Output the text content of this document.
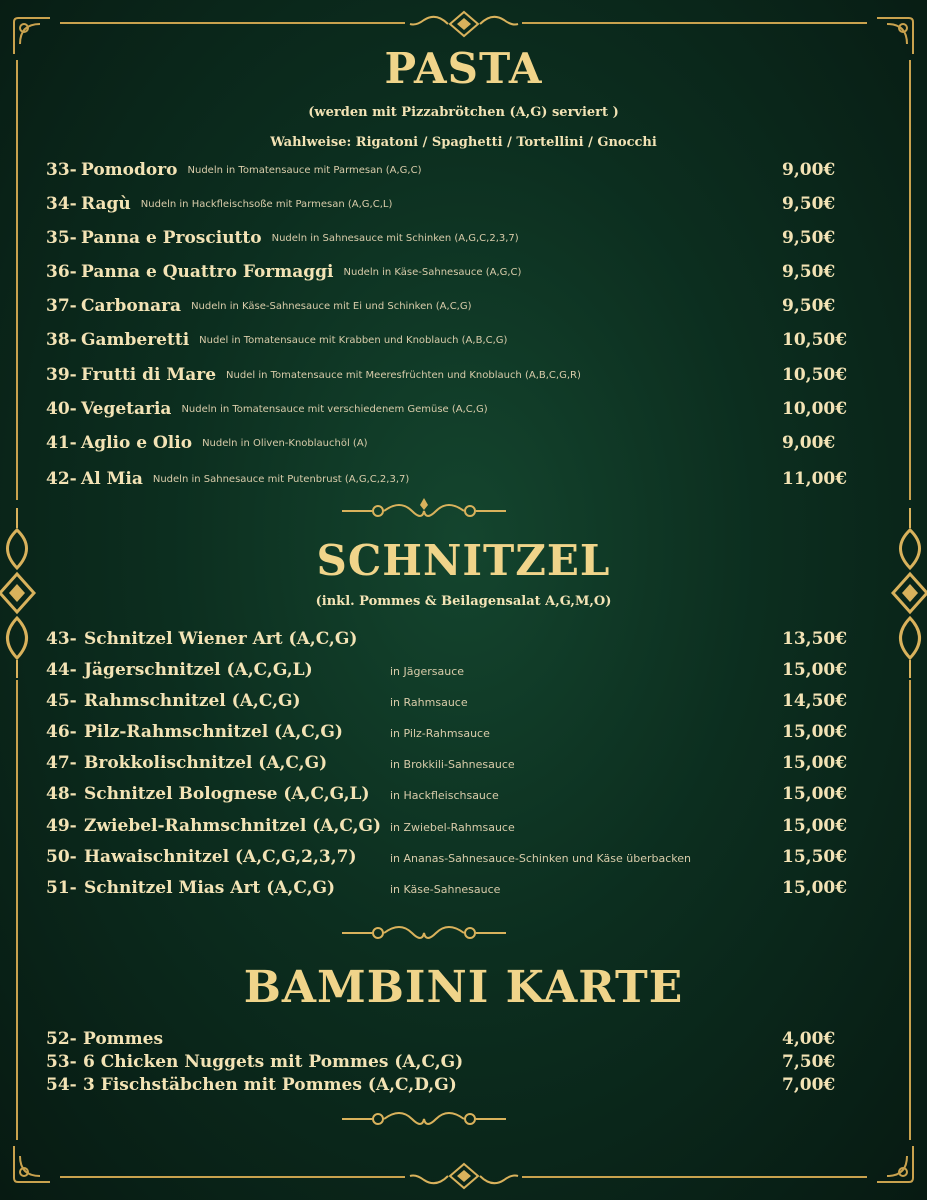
PASTA
(werden mit Pizzabrötchen (A,G) serviert )
Wahlweise: Rigatoni / Spaghetti / Tortellini / Gnocchi
33- Pomodoro Nudeln in Tomatensauce mit Parmesan (A,G,C)	9,00€
34- Ragù Nudeln in Hackfleischsoße mit Parmesan (A,G,C,L)	9,50€
35- Panna e Prosciutto Nudeln in Sahnesauce mit Schinken (A,G,C,2,3,7)	9,50€
36- Panna e Quattro Formaggi Nudeln in Käse-Sahnesauce (A,G,C)	9,50€
37- Carbonara Nudeln in Käse-Sahnesauce mit Ei und Schinken (A,C,G)	9,50€
38- Gamberetti Nudel in Tomatensauce mit Krabben und Knoblauch (A,B,C,G)	10,50€
39- Frutti di Mare Nudel in Tomatensauce mit Meeresfrüchten und Knoblauch (A,B,C,G,R)	10,50€
40- Vegetaria Nudeln in Tomatensauce mit verschiedenem Gemüse (A,C,G)	10,00€
41- Aglio e Olio Nudeln in Oliven-Knoblauchöl (A)	9,00€
42- Al Mia Nudeln in Sahnesauce mit Putenbrust (A,G,C,2,3,7)	11,00€
SCHNITZEL
(inkl. Pommes & Beilagensalat A,G,M,O)
43- Schnitzel Wiener Art (A,C,G)	13,50€
44- Jägerschnitzel (A,C,G,L)	in Jägersauce	15,00€
45- Rahmschnitzel (A,C,G)	in Rahmsauce	14,50€
46- Pilz-Rahmschnitzel (A,C,G)	in Pilz-Rahmsauce	15,00€
47- Brokkolischnitzel (A,C,G)	in Brokkili-Sahnesauce	15,00€
48- Schnitzel Bolognese (A,C,G,L) in Hackfleischsauce	15,00€
49- Zwiebel-Rahmschnitzel (A,C,G) in Zwiebel-Rahmsauce	15,00€
50- Hawaischnitzel (A,C,G,2,3,7)	in Ananas-Sahnesauce-Schinken und Käse überbacken	15,50€
51- Schnitzel Mias Art (A,C,G)	in Käse-Sahnesauce	15,00€
BAMBINI KARTE
52- Pommes	4,00€
53- 6 Chicken Nuggets mit Pommes (A,C,G)	7,50€
54- 3 Fischstäbchen mit Pommes (A,C,D,G)	7,00€
